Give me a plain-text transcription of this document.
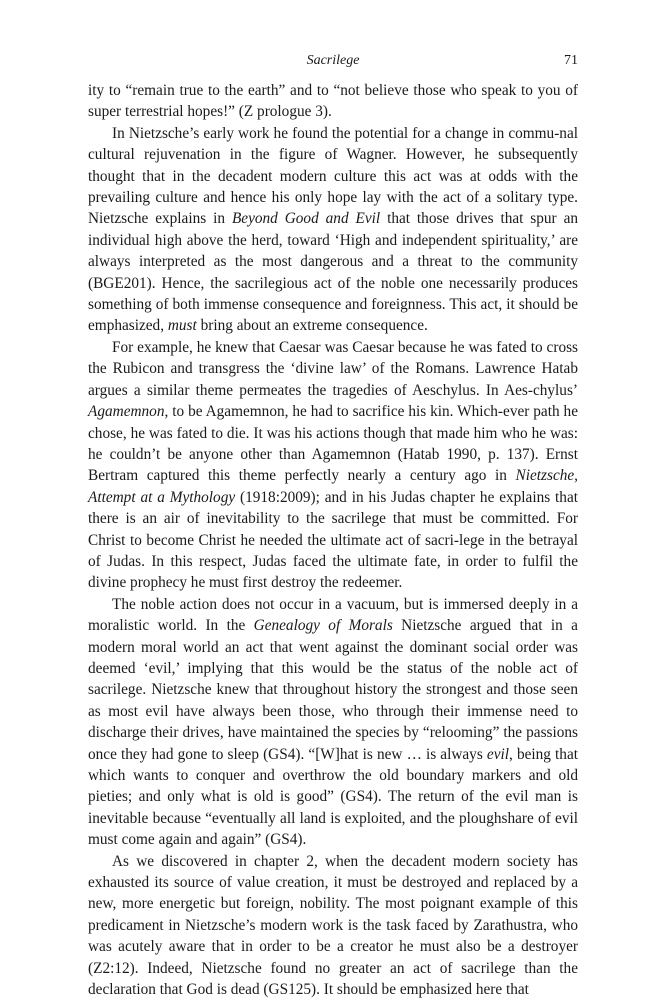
Sacrilege	71

ity to “remain true to the earth” and to “not believe those who speak to you of super terrestrial hopes!” (Z prologue 3).

In Nietzsche’s early work he found the potential for a change in commu-nal cultural rejuvenation in the figure of Wagner. However, he subsequently thought that in the decadent modern culture this act was at odds with the prevailing culture and hence his only hope lay with the act of a solitary type. Nietzsche explains in Beyond Good and Evil that those drives that spur an individual high above the herd, toward ‘High and independent spirituality,’ are always interpreted as the most dangerous and a threat to the community (BGE201). Hence, the sacrilegious act of the noble one necessarily produces something of both immense consequence and foreignness. This act, it should be emphasized, must bring about an extreme consequence.

For example, he knew that Caesar was Caesar because he was fated to cross the Rubicon and transgress the ‘divine law’ of the Romans. Lawrence Hatab argues a similar theme permeates the tragedies of Aeschylus. In Aes-chylus’ Agamemnon, to be Agamemnon, he had to sacrifice his kin. Which-ever path he chose, he was fated to die. It was his actions though that made him who he was: he couldn’t be anyone other than Agamemnon (Hatab 1990, p. 137). Ernst Bertram captured this theme perfectly nearly a century ago in Nietzsche, Attempt at a Mythology (1918:2009); and in his Judas chapter he explains that there is an air of inevitability to the sacrilege that must be committed. For Christ to become Christ he needed the ultimate act of sacri-lege in the betrayal of Judas. In this respect, Judas faced the ultimate fate, in order to fulfil the divine prophecy he must first destroy the redeemer.

The noble action does not occur in a vacuum, but is immersed deeply in a moralistic world. In the Genealogy of Morals Nietzsche argued that in a modern moral world an act that went against the dominant social order was deemed ‘evil,’ implying that this would be the status of the noble act of sacrilege. Nietzsche knew that throughout history the strongest and those seen as most evil have always been those, who through their immense need to discharge their drives, have maintained the species by “relooming” the passions once they had gone to sleep (GS4). “[W]hat is new … is always evil, being that which wants to conquer and overthrow the old boundary markers and old pieties; and only what is old is good” (GS4). The return of the evil man is inevitable because “eventually all land is exploited, and the ploughshare of evil must come again and again” (GS4).

As we discovered in chapter 2, when the decadent modern society has exhausted its source of value creation, it must be destroyed and replaced by a new, more energetic but foreign, nobility. The most poignant example of this predicament in Nietzsche’s modern work is the task faced by Zarathustra, who was acutely aware that in order to be a creator he must also be a destroyer (Z2:12). Indeed, Nietzsche found no greater an act of sacrilege than the declaration that God is dead (GS125). It should be emphasized here that
